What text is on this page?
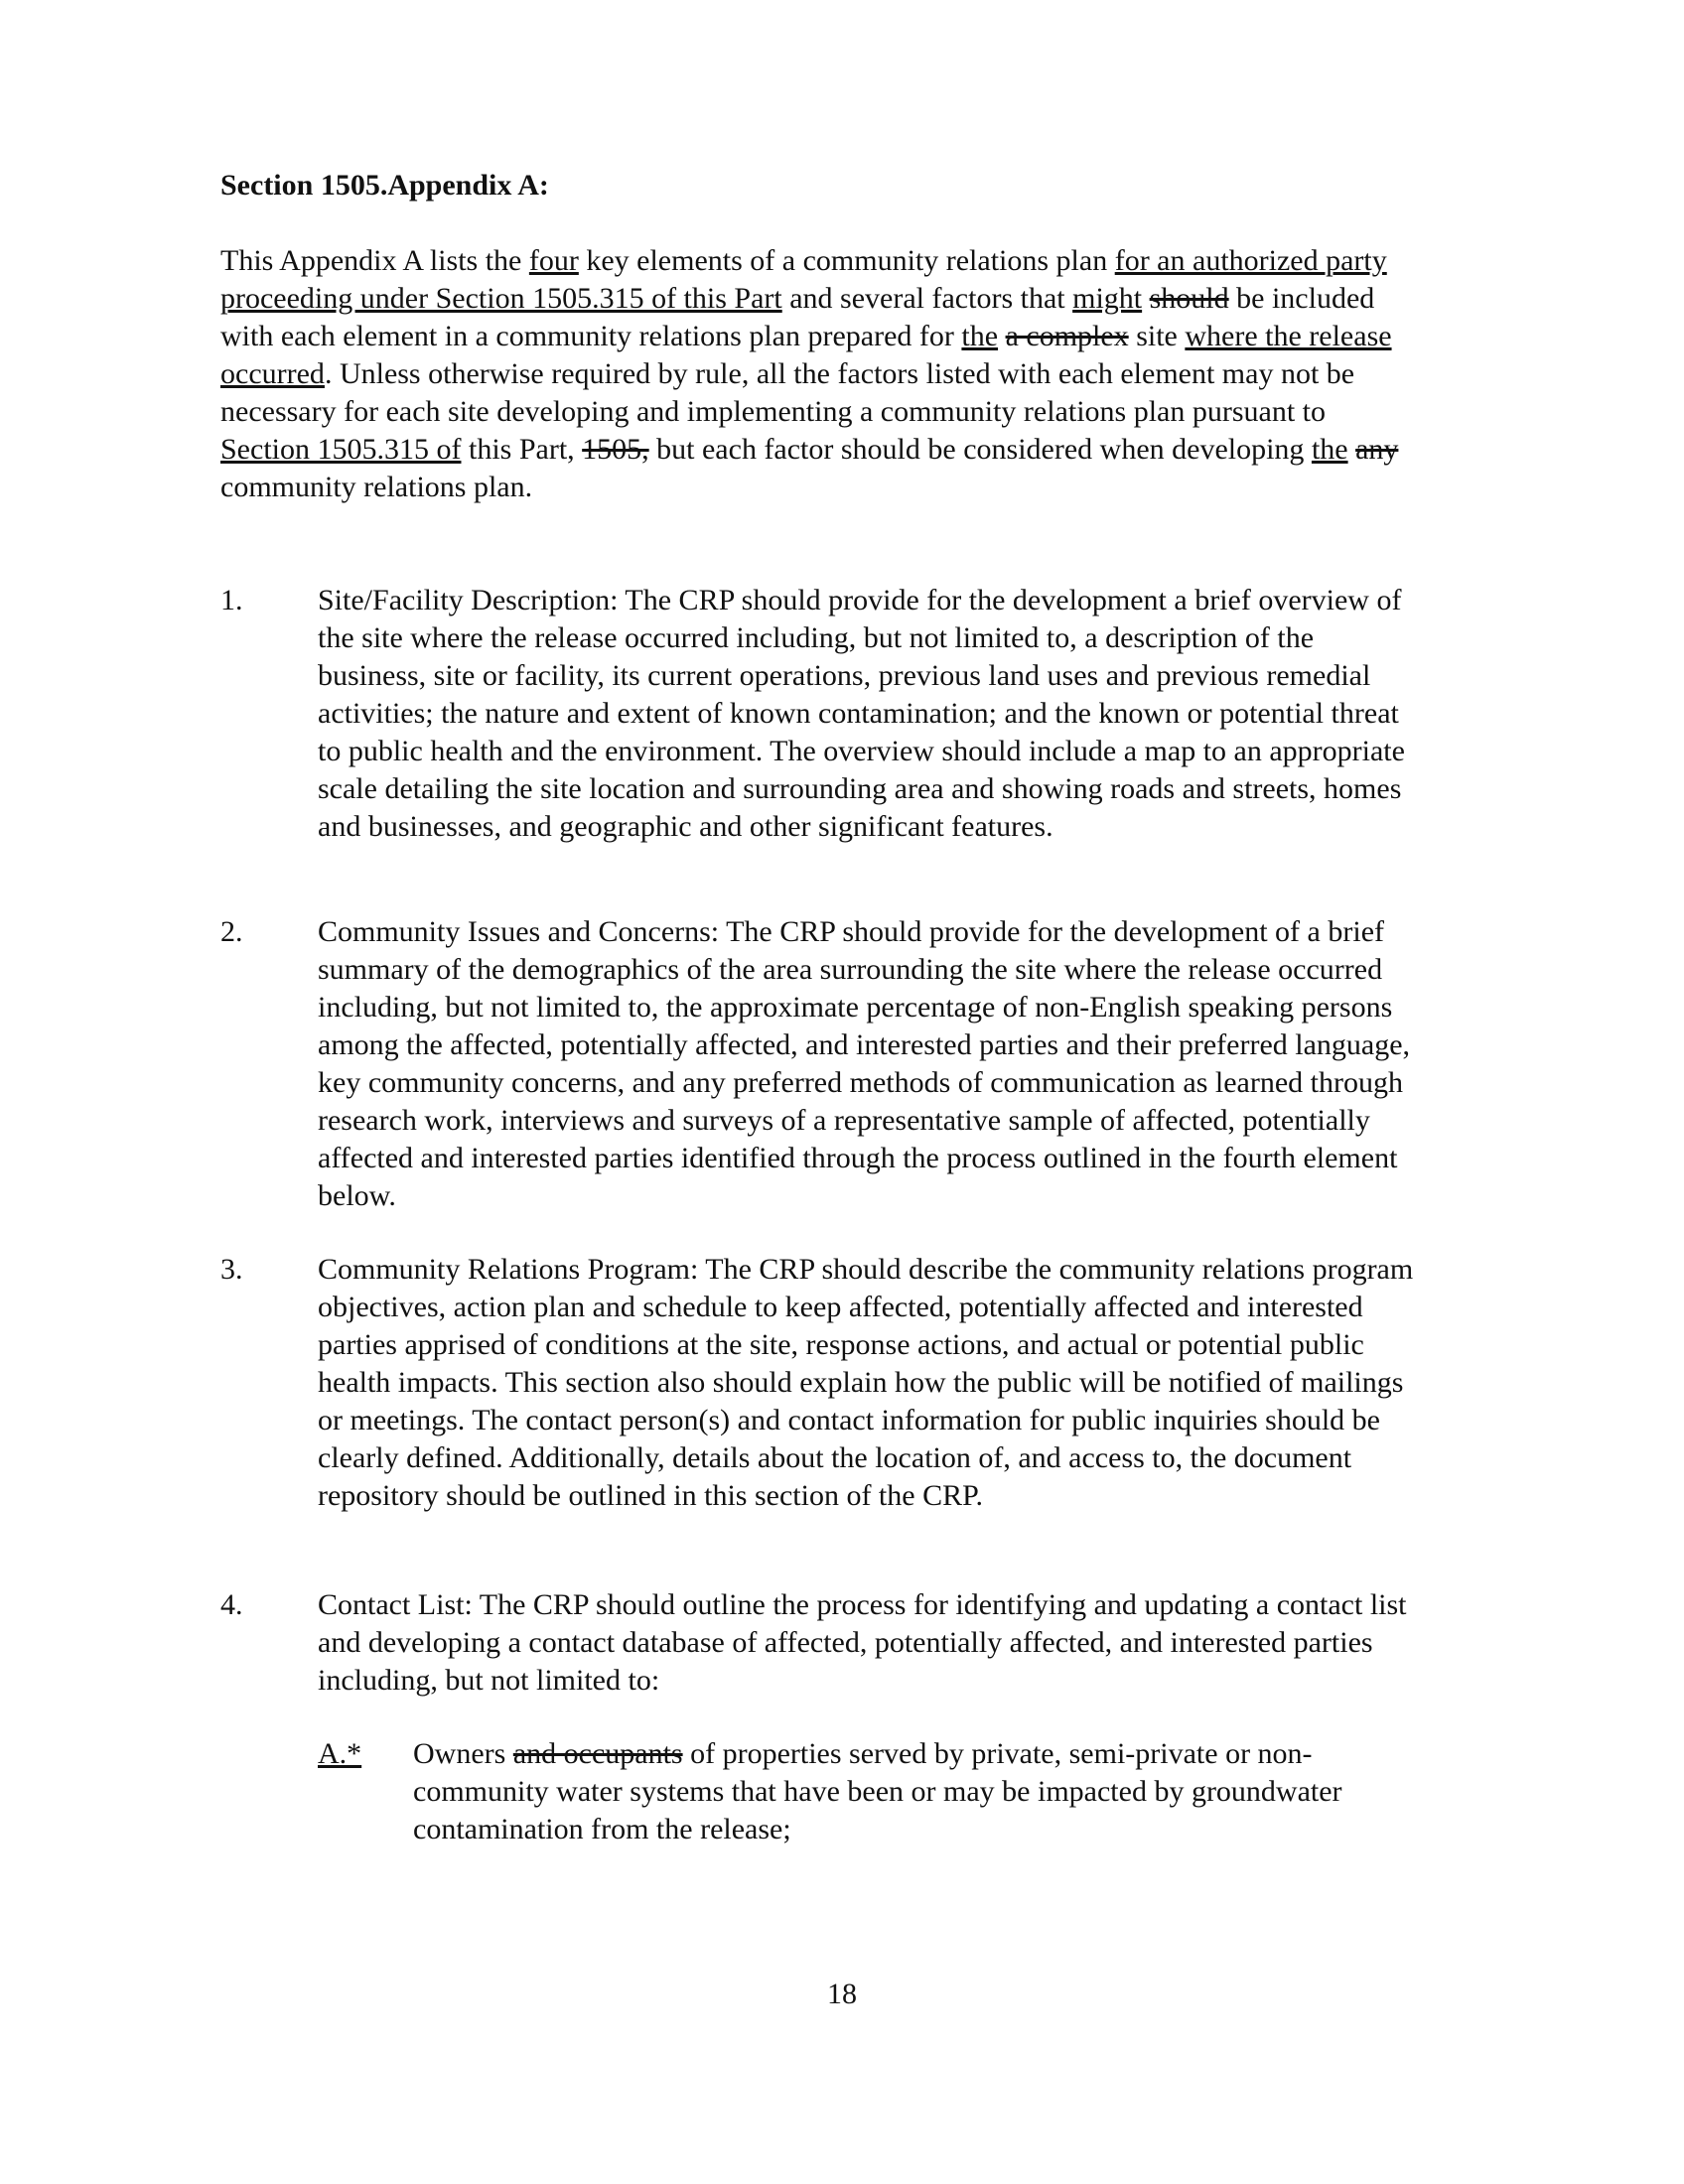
Section 1505.Appendix A:
This Appendix A lists the four key elements of a community relations plan for an authorized party proceeding under Section 1505.315 of this Part and several factors that might should be included with each element in a community relations plan prepared for the a complex site where the release occurred. Unless otherwise required by rule, all the factors listed with each element may not be necessary for each site developing and implementing a community relations plan pursuant to Section 1505.315 of this Part, 1505, but each factor should be considered when developing the any community relations plan.
1.	Site/Facility Description: The CRP should provide for the development a brief overview of the site where the release occurred including, but not limited to, a description of the business, site or facility, its current operations, previous land uses and previous remedial activities; the nature and extent of known contamination; and the known or potential threat to public health and the environment. The overview should include a map to an appropriate scale detailing the site location and surrounding area and showing roads and streets, homes and businesses, and geographic and other significant features.
2.	Community Issues and Concerns: The CRP should provide for the development of a brief summary of the demographics of the area surrounding the site where the release occurred including, but not limited to, the approximate percentage of non-English speaking persons among the affected, potentially affected, and interested parties and their preferred language, key community concerns, and any preferred methods of communication as learned through research work, interviews and surveys of a representative sample of affected, potentially affected and interested parties identified through the process outlined in the fourth element below.
3.	Community Relations Program: The CRP should describe the community relations program objectives, action plan and schedule to keep affected, potentially affected and interested parties apprised of conditions at the site, response actions, and actual or potential public health impacts. This section also should explain how the public will be notified of mailings or meetings. The contact person(s) and contact information for public inquiries should be clearly defined. Additionally, details about the location of, and access to, the document repository should be outlined in this section of the CRP.
4.	Contact List: The CRP should outline the process for identifying and updating a contact list and developing a contact database of affected, potentially affected, and interested parties including, but not limited to:
A.* Owners and occupants of properties served by private, semi-private or non-community water systems that have been or may be impacted by groundwater contamination from the release;
18
